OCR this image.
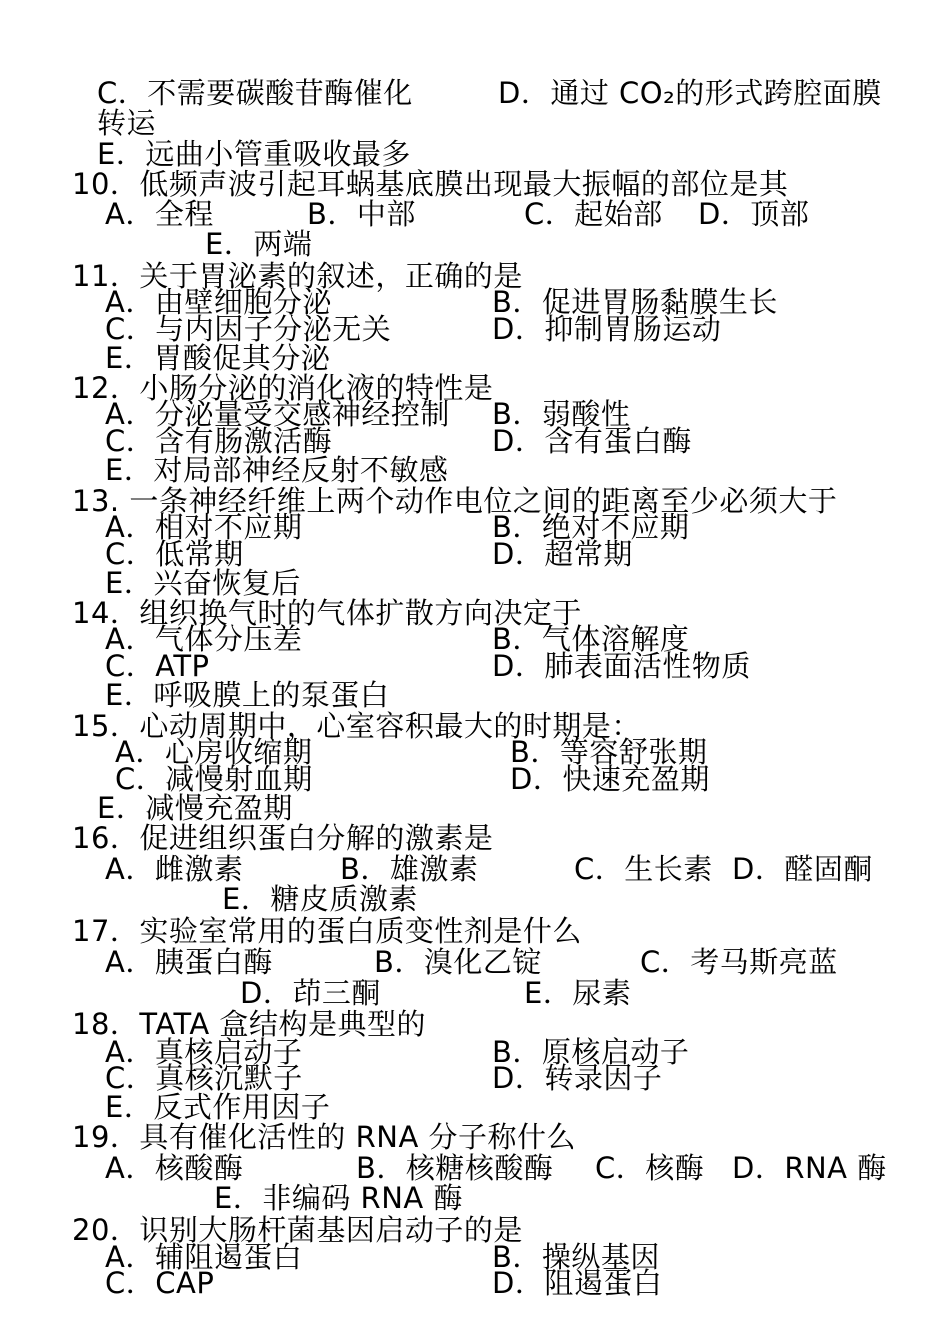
C．不需要碳酸苷酶催化	D．通过 CO₂的形式跨腔面膜
转运
E．远曲小管重吸收最多
10．低频声波引起耳蜗基底膜出现最大振幅的部位是其
A．全程	B．中部	C．起始部 D．顶部
E．两端
11．关于胃泌素的叙述，正确的是
A．由壁细胞分泌	B．促进胃肠黏膜生长
C．与内因子分泌无关	D．抑制胃肠运动
E．胃酸促其分泌
12．小肠分泌的消化液的特性是
A．分泌量受交感神经控制 B．弱酸性
C．含有肠激活酶	D．含有蛋白酶
E．对局部神经反射不敏感
13. 一条神经纤维上两个动作电位之间的距离至少必须大于
A．相对不应期	B．绝对不应期
C．低常期	D．超常期
E．兴奋恢复后
14．组织换气时的气体扩散方向决定于
A．气体分压差	B．气体溶解度
C．ATP	D．肺表面活性物质
E．呼吸膜上的泵蛋白
15．心动周期中，心室容积最大的时期是：
A．心房收缩期	B．等容舒张期
C．减慢射血期	D．快速充盈期
E．减慢充盈期
16．促进组织蛋白分解的激素是
A．雌激素	B．雄激素	C．生长素 D．醛固酮
E．糖皮质激素
17．实验室常用的蛋白质变性剂是什么
A．胰蛋白酶	B．溴化乙锭	C．考马斯亮蓝
D．茚三酮	E．尿素
18．TATA 盒结构是典型的
A．真核启动子	B．原核启动子
C．真核沉默子	D．转录因子
E．反式作用因子
19．具有催化活性的 RNA 分子称什么
A．核酸酶	B．核糖核酸酶 C．核酶 D．RNA 酶
E．非编码 RNA 酶
20．识别大肠杆菌基因启动子的是
A．辅阻遏蛋白	B．操纵基因
C．CAP	D．阻遏蛋白
